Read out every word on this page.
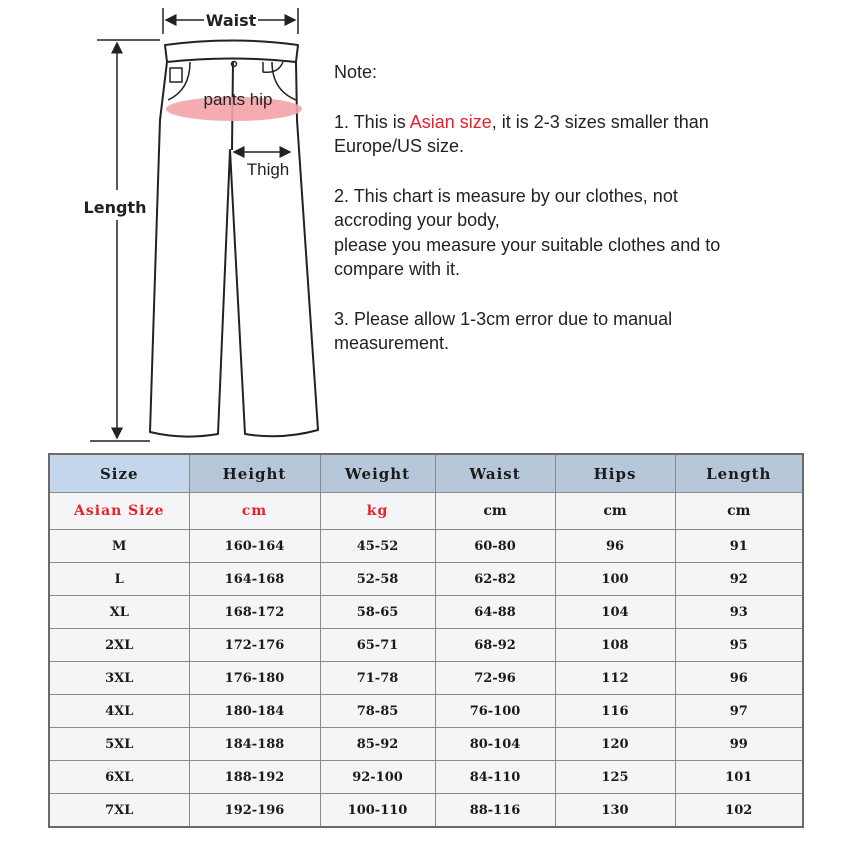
Waist
Length
pants hip
Thigh

Note:

1. This is Asian size, it is 2-3 sizes smaller than

Europe/US size.

2. This chart is measure by our clothes, not

accroding your body,

please you measure your suitable clothes and to

compare with it.

3. Please allow 1-3cm error due to manual

measurement.

Size	Height	Weight	Waist	Hips	Length
Asian Size	cm	kg	cm	cm	cm
M	160-164	45-52	60-80	96	91
L	164-168	52-58	62-82	100	92
XL	168-172	58-65	64-88	104	93
2XL	172-176	65-71	68-92	108	95
3XL	176-180	71-78	72-96	112	96
4XL	180-184	78-85	76-100	116	97
5XL	184-188	85-92	80-104	120	99
6XL	188-192	92-100	84-110	125	101
7XL	192-196	100-110	88-116	130	102
